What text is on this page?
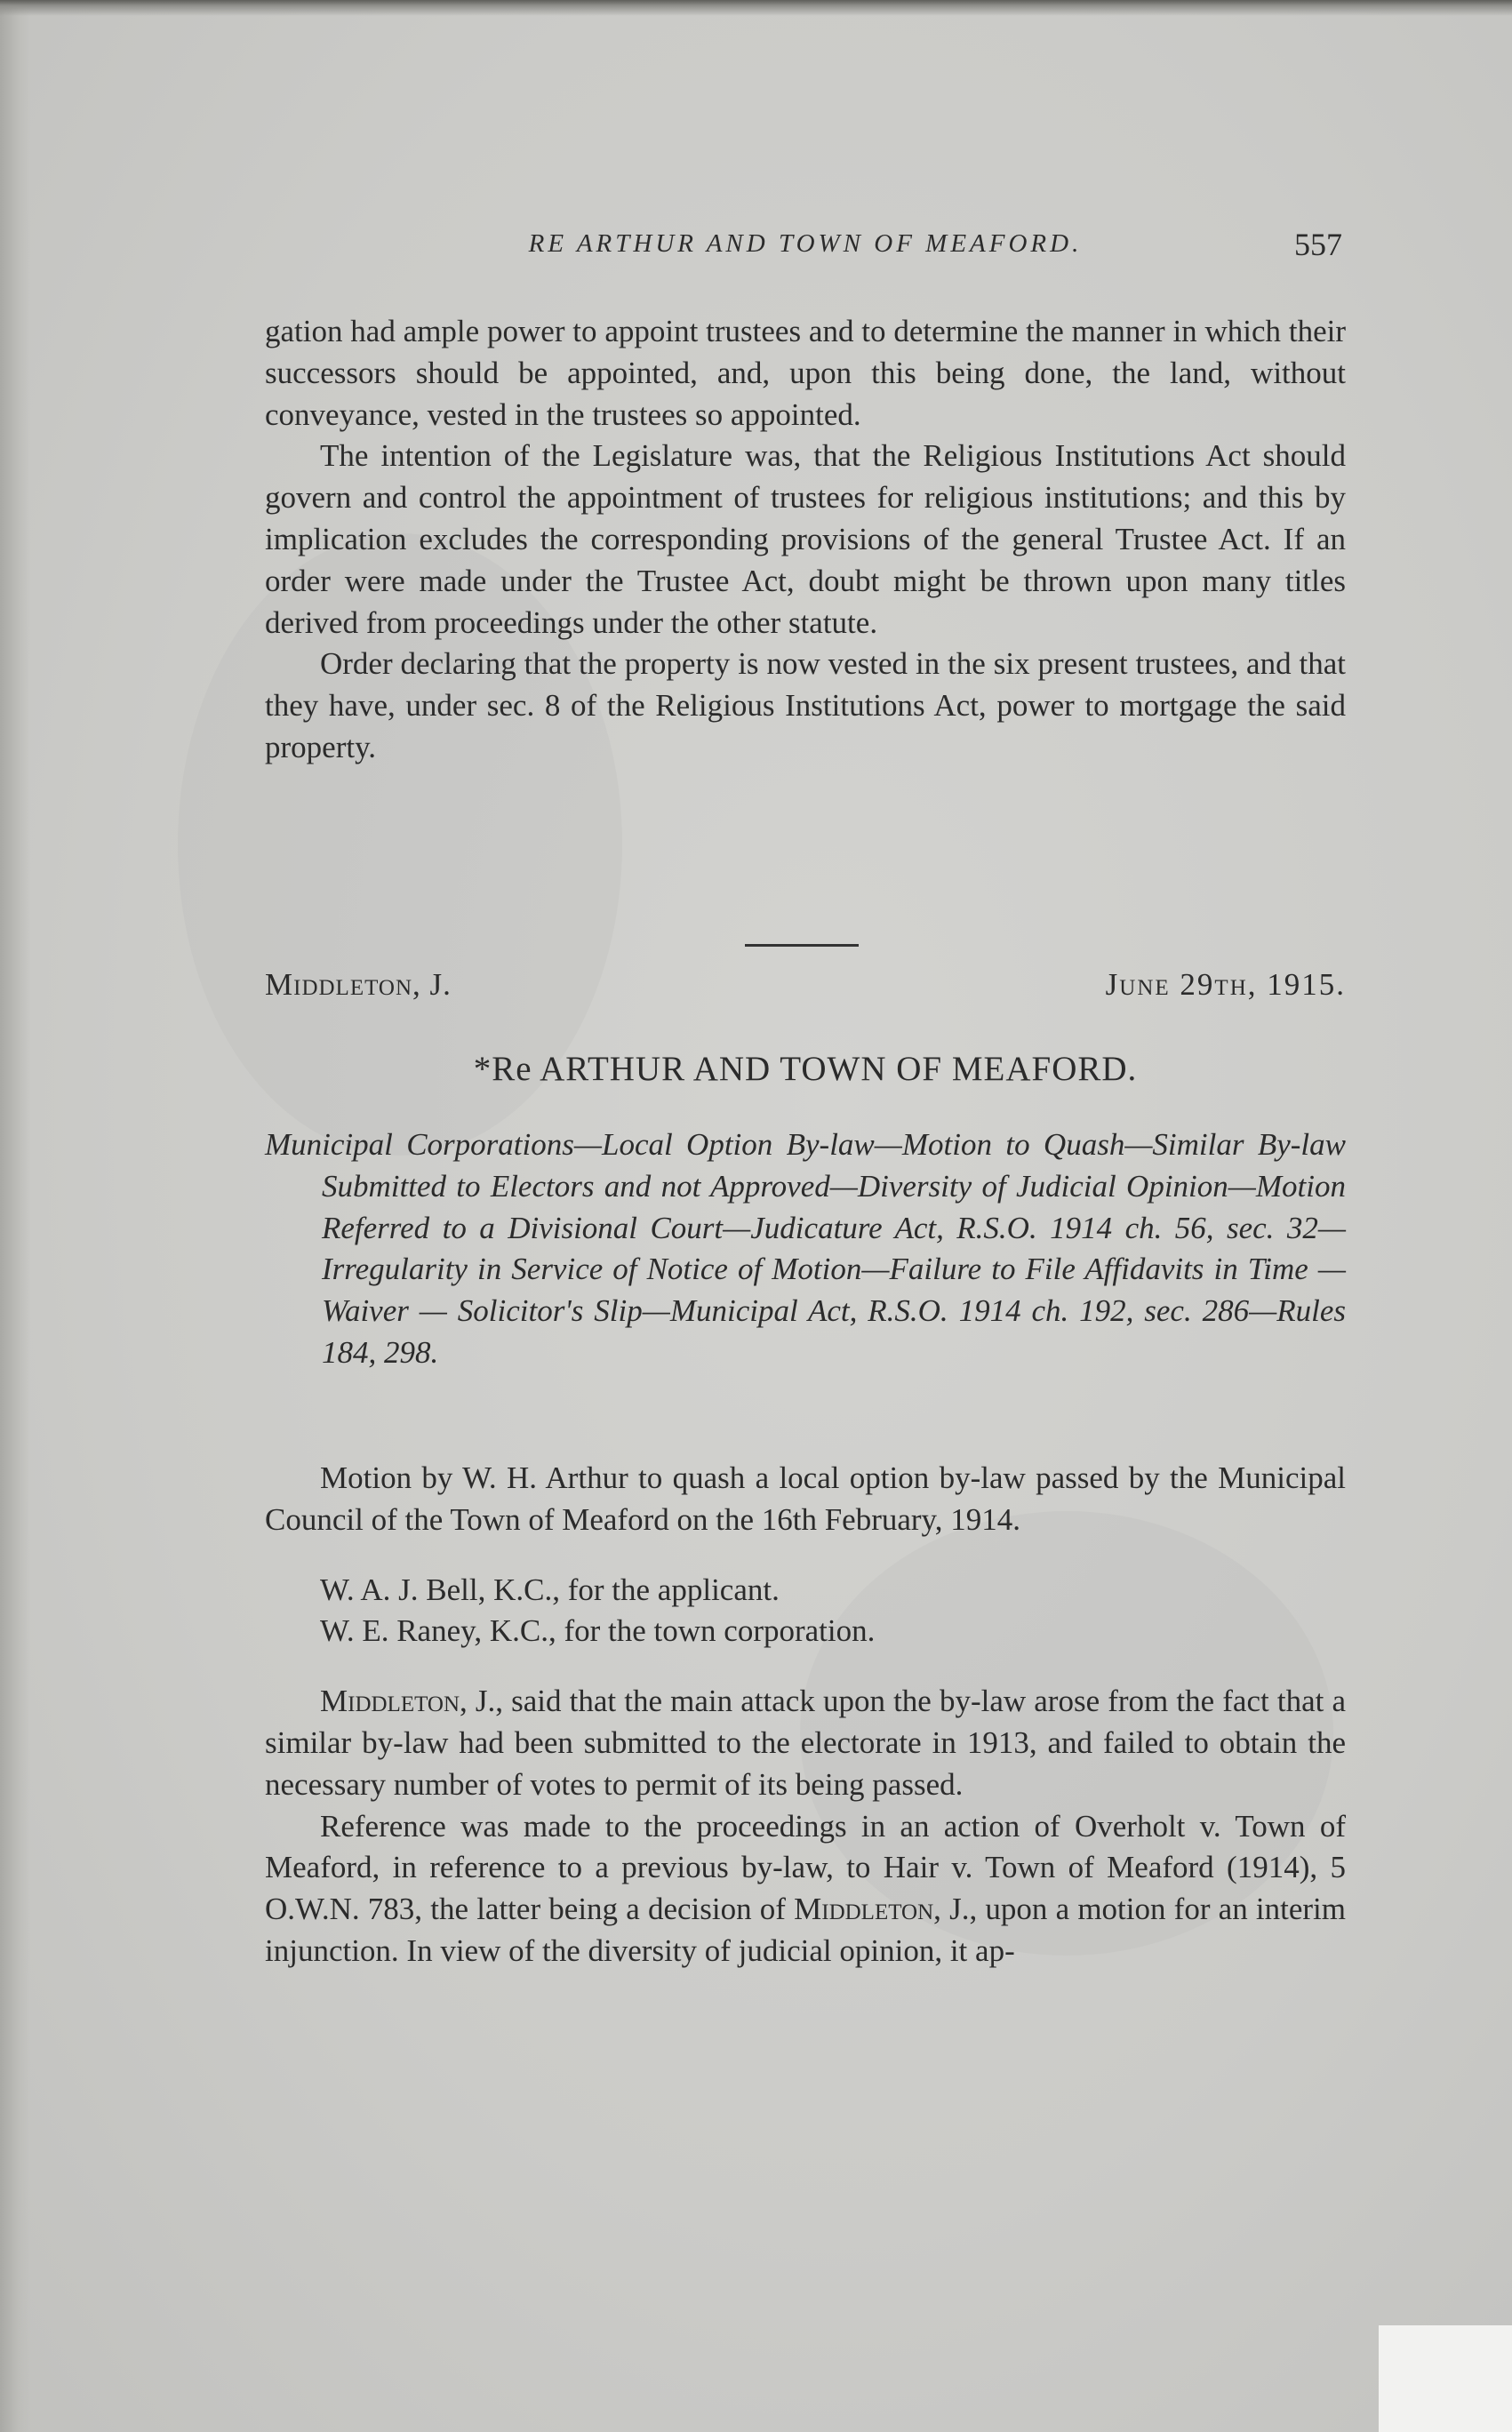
RE ARTHUR AND TOWN OF MEAFORD.	557

gation had ample power to appoint trustees and to determine the manner in which their successors should be appointed, and, upon this being done, the land, without conveyance, vested in the trustees so appointed.

The intention of the Legislature was, that the Religious Institutions Act should govern and control the appointment of trustees for religious institutions; and this by implication excludes the corresponding provisions of the general Trustee Act. If an order were made under the Trustee Act, doubt might be thrown upon many titles derived from proceedings under the other statute.

Order declaring that the property is now vested in the six present trustees, and that they have, under sec. 8 of the Religious Institutions Act, power to mortgage the said property.

Middleton, J.	June 29th, 1915.
*Re ARTHUR AND TOWN OF MEAFORD.
Municipal Corporations—Local Option By-law—Motion to Quash—Similar By-law Submitted to Electors and not Approved—Diversity of Judicial Opinion—Motion Referred to a Divisional Court—Judicature Act, R.S.O. 1914 ch. 56, sec. 32—Irregularity in Service of Notice of Motion—Failure to File Affidavits in Time — Waiver — Solicitor's Slip—Municipal Act, R.S.O. 1914 ch. 192, sec. 286—Rules 184, 298.

Motion by W. H. Arthur to quash a local option by-law passed by the Municipal Council of the Town of Meaford on the 16th February, 1914.

W. A. J. Bell, K.C., for the applicant.

W. E. Raney, K.C., for the town corporation.

Middleton, J., said that the main attack upon the by-law arose from the fact that a similar by-law had been submitted to the electorate in 1913, and failed to obtain the necessary number of votes to permit of its being passed.

Reference was made to the proceedings in an action of Overholt v. Town of Meaford, in reference to a previous by-law, to Hair v. Town of Meaford (1914), 5 O.W.N. 783, the latter being a decision of Middleton, J., upon a motion for an interim injunction. In view of the diversity of judicial opinion, it ap-
